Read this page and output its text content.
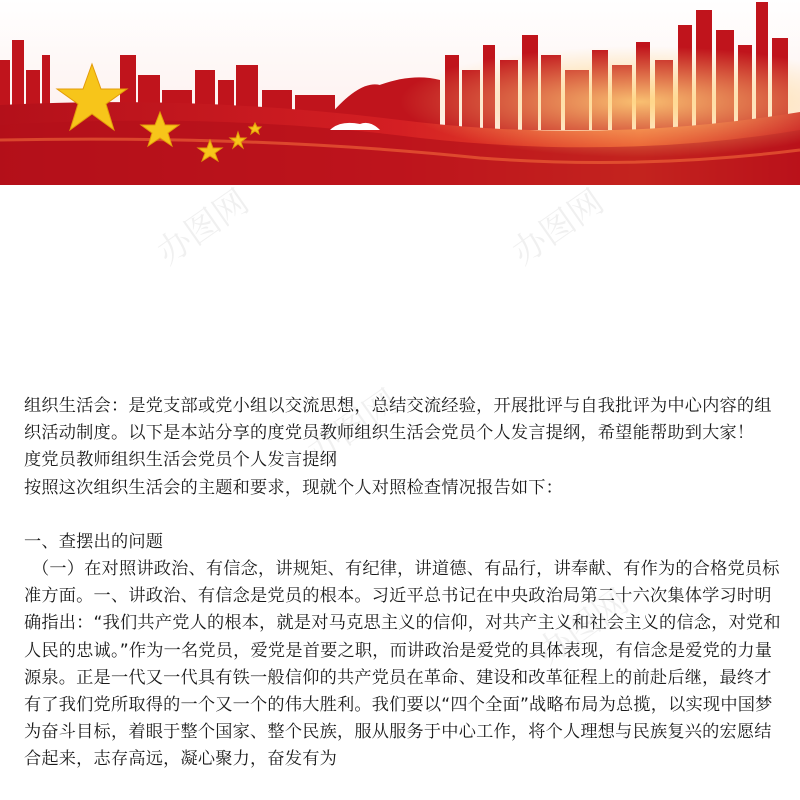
办图网	办图网
办图网
办图网

组织生活会：是党支部或党小组以交流思想，总结交流经验，开展批评与自我批评为中心内容的组织活动制度。以下是本站分享的度党员教师组织生活会党员个人发言提纲，希望能帮助到大家！

度党员教师组织生活会党员个人发言提纲

按照这次组织生活会的主题和要求，现就个人对照检查情况报告如下：

一、查摆出的问题

（一）在对照讲政治、有信念，讲规矩、有纪律，讲道德、有品行，讲奉献、有作为的合格党员标准方面。一、讲政治、有信念是党员的根本。习近平总书记在中央政治局第二十六次集体学习时明确指出：“我们共产党人的根本，就是对马克思主义的信仰，对共产主义和社会主义的信念，对党和人民的忠诚。”作为一名党员，爱党是首要之职，而讲政治是爱党的具体表现，有信念是爱党的力量源泉。正是一代又一代具有铁一般信仰的共产党员在革命、建设和改革征程上的前赴后继，最终才有了我们党所取得的一个又一个的伟大胜利。我们要以“四个全面”战略布局为总揽，以实现中国梦为奋斗目标，着眼于整个国家、整个民族，服从服务于中心工作，将个人理想与民族复兴的宏愿结合起来，志存高远，凝心聚力，奋发有为
